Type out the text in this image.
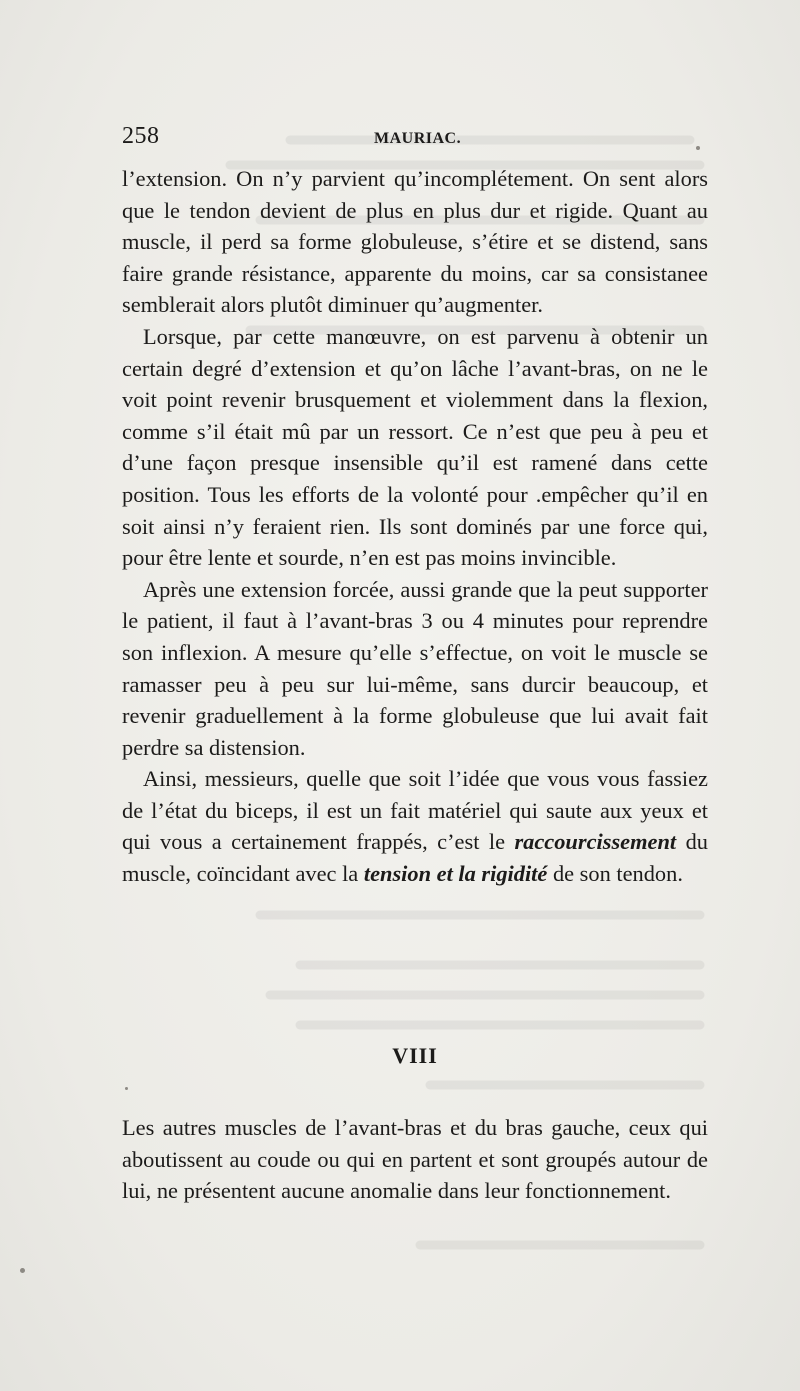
258	MAURIAC.

l’extension. On n’y parvient qu’incomplétement. On sent alors que le tendon devient de plus en plus dur et rigide. Quant au muscle, il perd sa forme globuleuse, s’étire et se distend, sans faire grande résistance, apparente du moins, car sa consistanee semblerait alors plutôt diminuer qu’augmenter.

Lorsque, par cette manœuvre, on est parvenu à obtenir un certain degré d’extension et qu’on lâche l’avant-bras, on ne le voit point revenir brusquement et violemment dans la flexion, comme s’il était mû par un ressort. Ce n’est que peu à peu et d’une façon presque insensible qu’il est ramené dans cette position. Tous les efforts de la volonté pour .empêcher qu’il en soit ainsi n’y feraient rien. Ils sont dominés par une force qui, pour être lente et sourde, n’en est pas moins invincible.

Après une extension forcée, aussi grande que la peut supporter le patient, il faut à l’avant-bras 3 ou 4 minutes pour reprendre son inflexion. A mesure qu’elle s’effectue, on voit le muscle se ramasser peu à peu sur lui-même, sans durcir beaucoup, et revenir graduellement à la forme globuleuse que lui avait fait perdre sa distension.

Ainsi, messieurs, quelle que soit l’idée que vous vous fassiez de l’état du biceps, il est un fait matériel qui saute aux yeux et qui vous a certainement frappés, c’est le raccourcissement du muscle, coïncidant avec la tension et la rigidité de son tendon.

VIII

Les autres muscles de l’avant-bras et du bras gauche, ceux qui aboutissent au coude ou qui en partent et sont groupés autour de lui, ne présentent aucune anomalie dans leur fonctionnement.
